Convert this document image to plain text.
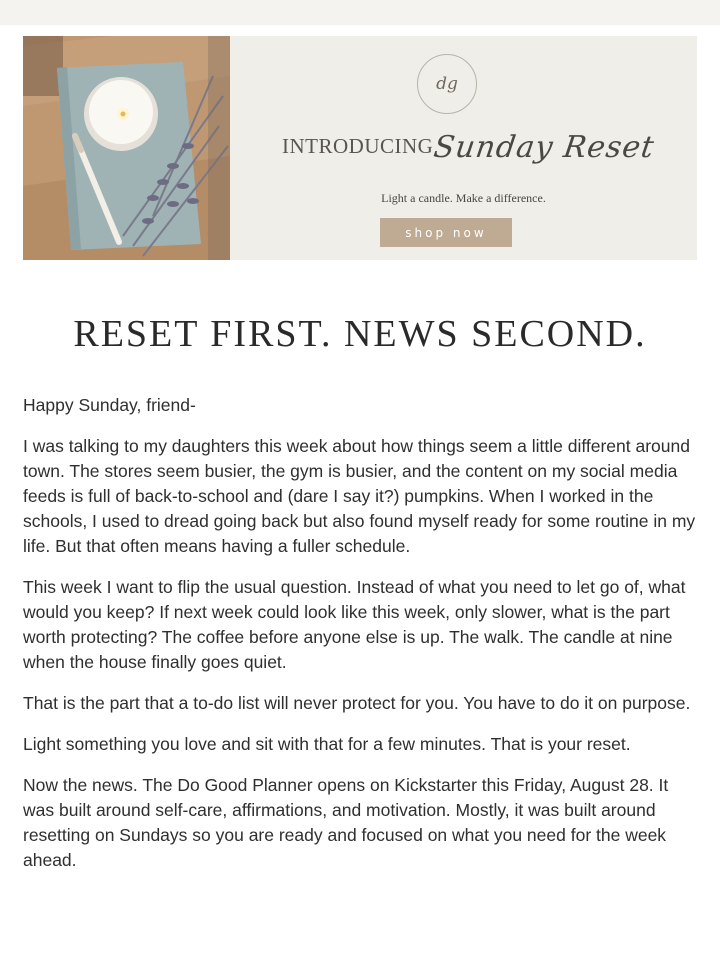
dg
INTRODUCING
Sunday Reset
Light a candle. Make a difference.
shop now
RESET FIRST. NEWS SECOND.

Happy Sunday, friend-

I was talking to my daughters this week about how things seem a little different around town. The stores seem busier, the gym is busier, and the content on my social media feeds is full of back-to-school and (dare I say it?) pumpkins. When I worked in the schools, I used to dread going back but also found myself ready for some routine in my life. But that often means having a fuller schedule.

This week I want to flip the usual question. Instead of what you need to let go of, what would you keep? If next week could look like this week, only slower, what is the part worth protecting? The coffee before anyone else is up. The walk. The candle at nine when the house finally goes quiet.

That is the part that a to-do list will never protect for you. You have to do it on purpose.

Light something you love and sit with that for a few minutes. That is your reset.

Now the news. The Do Good Planner opens on Kickstarter this Friday, August 28. It was built around self-care, affirmations, and motivation. Mostly, it was built around resetting on Sundays so you are ready and focused on what you need for the week ahead.
